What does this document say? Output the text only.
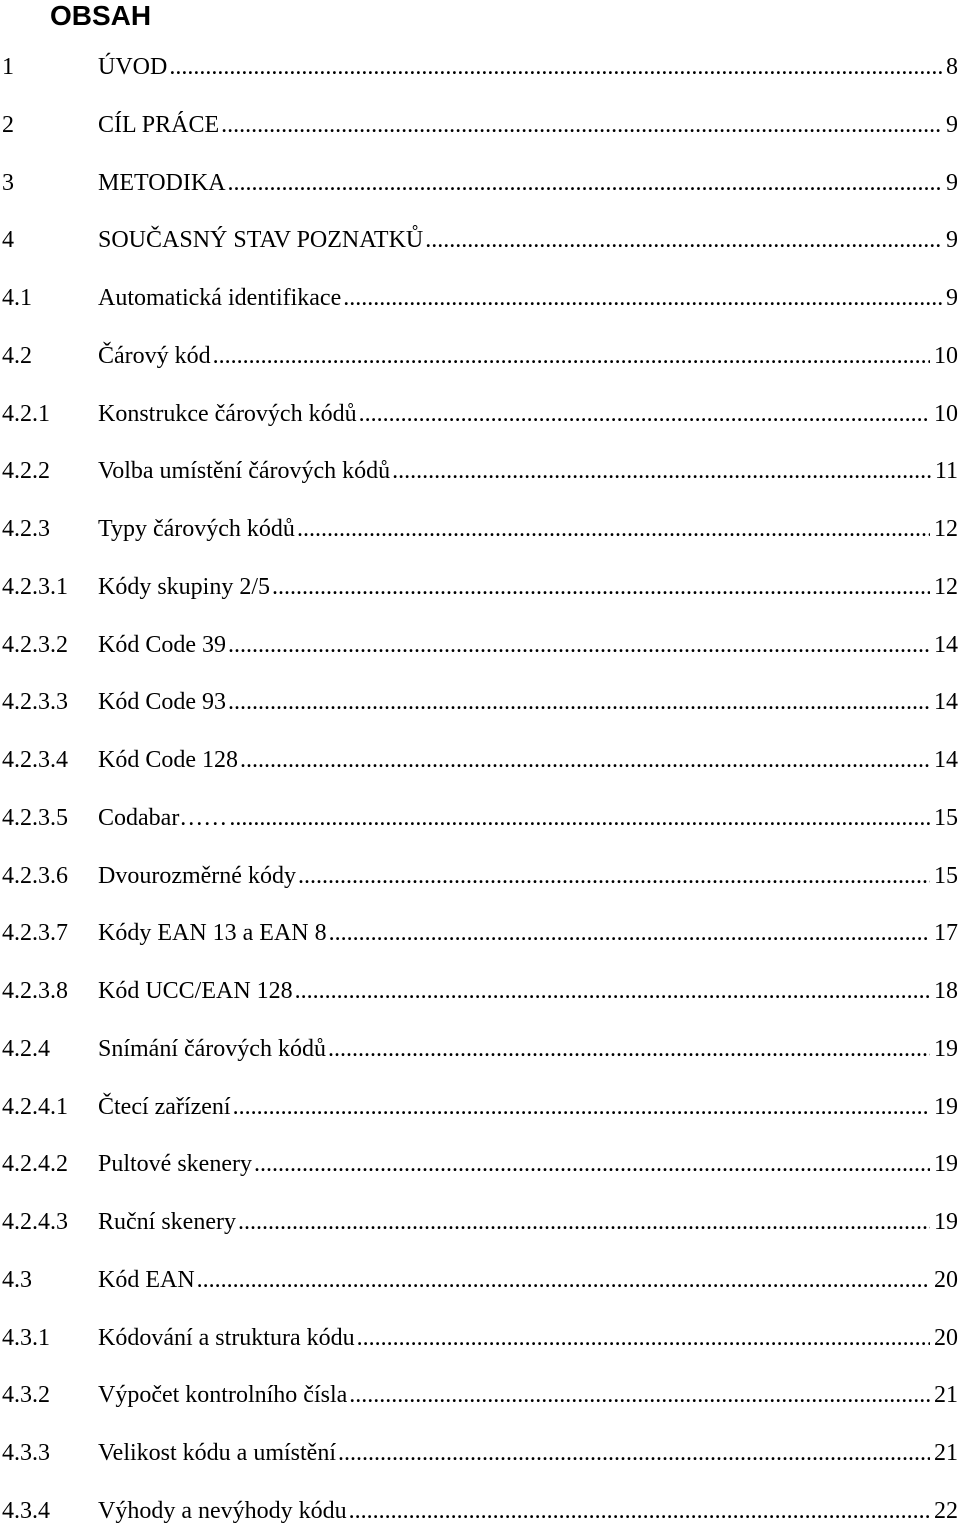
OBSAH
1	ÚVOD .....	8
2	CÍL PRÁCE .....	9
3	METODIKA .....	9
4	SOUČASNÝ STAV POZNATKŮ .....	9
4.1	Automatická identifikace .....	9
4.2	Čárový kód .....	10
4.2.1	Konstrukce čárových kódů .....	10
4.2.2	Volba umístění čárových kódů .....	11
4.2.3	Typy čárových kódů .....	12
4.2.3.1	Kódy skupiny 2/5 .....	12
4.2.3.2	Kód Code 39 .....	14
4.2.3.3	Kód Code 93 .....	14
4.2.3.4	Kód Code 128 .....	14
4.2.3.5	Codabar…… .....	15
4.2.3.6	Dvourozměrné kódy .....	15
4.2.3.7	Kódy EAN 13 a EAN 8 .....	17
4.2.3.8	Kód UCC/EAN 128 .....	18
4.2.4	Snímání čárových kódů .....	19
4.2.4.1	Čtecí zařízení .....	19
4.2.4.2	Pultové skenery .....	19
4.2.4.3	Ruční skenery .....	19
4.3	Kód EAN .....	20
4.3.1	Kódování a struktura kódu .....	20
4.3.2	Výpočet kontrolního čísla .....	21
4.3.3	Velikost kódu a umístění .....	21
4.3.4	Výhody a nevýhody kódu .....	22
